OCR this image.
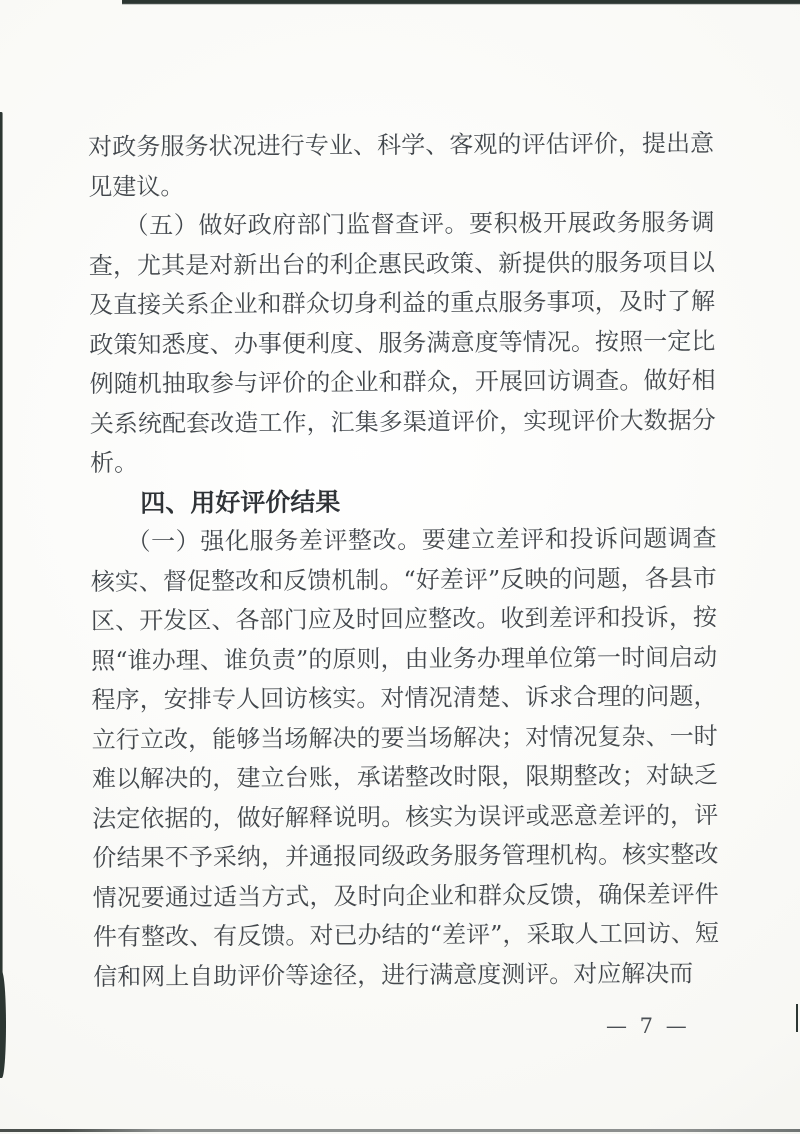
对政务服务状况进行专业、科学、客观的评估评价，提出意见建议。

（五）做好政府部门监督查评。要积极开展政务服务调查，尤其是对新出台的利企惠民政策、新提供的服务项目以及直接关系企业和群众切身利益的重点服务事项，及时了解政策知悉度、办事便利度、服务满意度等情况。按照一定比例随机抽取参与评价的企业和群众，开展回访调查。做好相关系统配套改造工作，汇集多渠道评价，实现评价大数据分析。

四、用好评价结果

（一）强化服务差评整改。要建立差评和投诉问题调查核实、督促整改和反馈机制。“好差评”反映的问题，各县市区、开发区、各部门应及时回应整改。收到差评和投诉，按照“谁办理、谁负责”的原则，由业务办理单位第一时间启动程序，安排专人回访核实。对情况清楚、诉求合理的问题，立行立改，能够当场解决的要当场解决；对情况复杂、一时难以解决的，建立台账，承诺整改时限，限期整改；对缺乏法定依据的，做好解释说明。核实为误评或恶意差评的，评价结果不予采纳，并通报同级政务服务管理机构。核实整改情况要通过适当方式，及时向企业和群众反馈，确保差评件件有整改、有反馈。对已办结的“差评”，采取人工回访、短信和网上自助评价等途径，进行满意度测评。对应解决而

— 7 —
